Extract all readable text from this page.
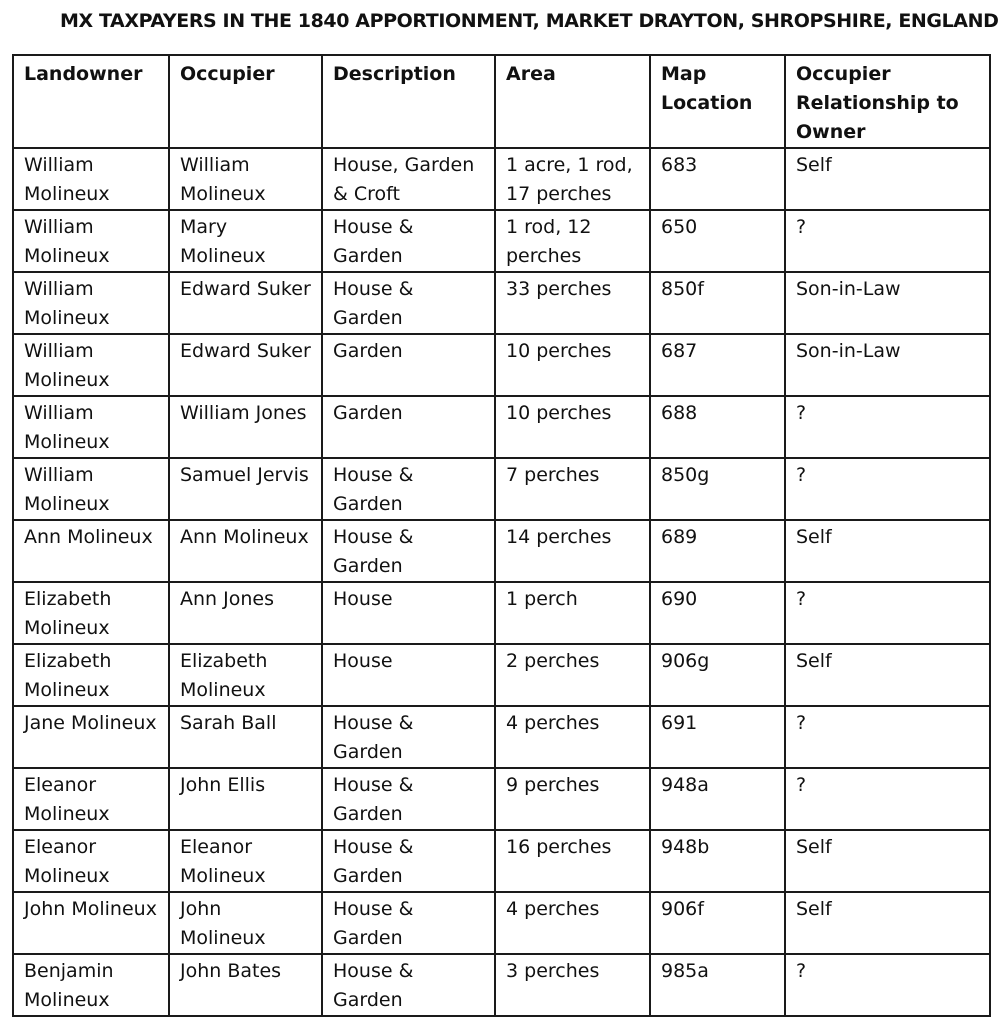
MX TAXPAYERS IN THE 1840 APPORTIONMENT, MARKET DRAYTON, SHROPSHIRE, ENGLAND
Landowner	Occupier	Description	Area	Map Location	Occupier Relationship to Owner
William Molineux	William Molineux	House, Garden & Croft	1 acre, 1 rod, 17 perches	683	Self
William Molineux	Mary Molineux	House & Garden	1 rod, 12 perches	650	?
William Molineux	Edward Suker	House & Garden	33 perches	850f	Son-in-Law
William Molineux	Edward Suker	Garden	10 perches	687	Son-in-Law
William Molineux	William Jones	Garden	10 perches	688	?
William Molineux	Samuel Jervis	House & Garden	7 perches	850g	?
Ann Molineux	Ann Molineux	House & Garden	14 perches	689	Self
Elizabeth Molineux	Ann Jones	House	1 perch	690	?
Elizabeth Molineux	Elizabeth Molineux	House	2 perches	906g	Self
Jane Molineux	Sarah Ball	House & Garden	4 perches	691	?
Eleanor Molineux	John Ellis	House & Garden	9 perches	948a	?
Eleanor Molineux	Eleanor Molineux	House & Garden	16 perches	948b	Self
John Molineux	John Molineux	House & Garden	4 perches	906f	Self
Benjamin Molineux	John Bates	House & Garden	3 perches	985a	?
